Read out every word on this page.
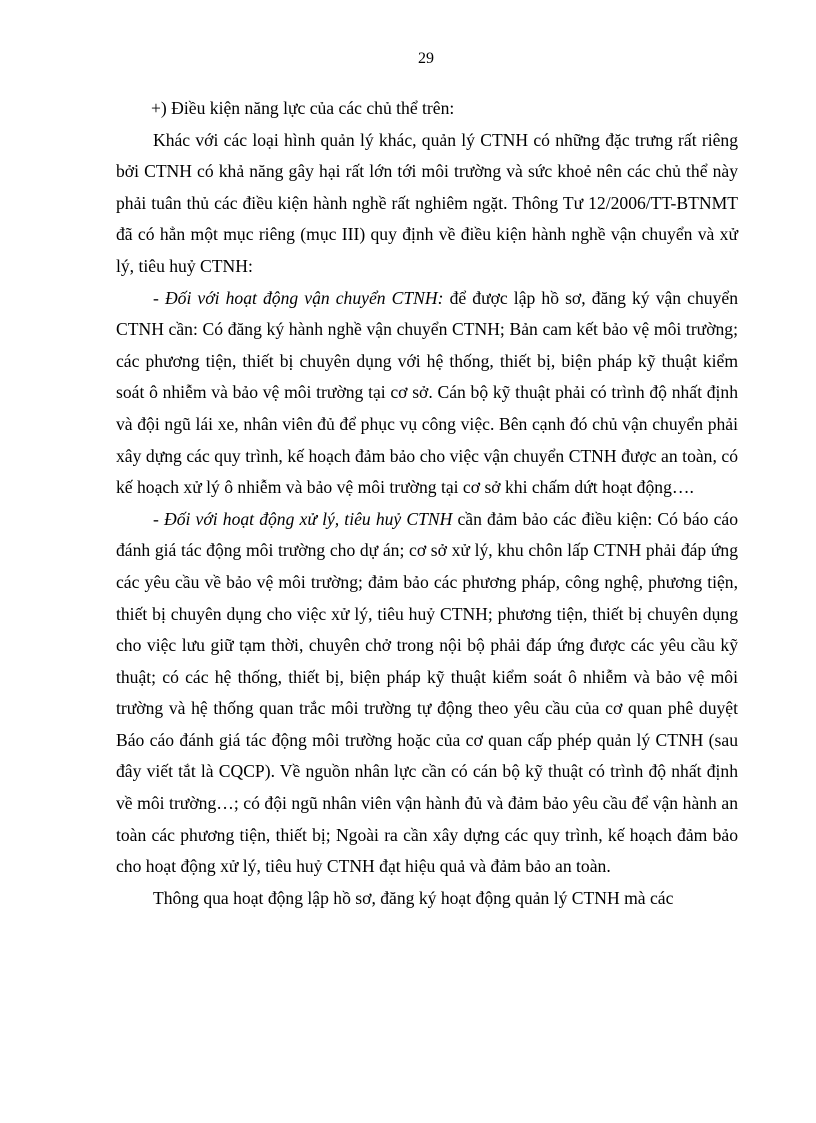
29

+) Điều kiện năng lực của các chủ thể trên:

Khác với các loại hình quản lý khác, quản lý CTNH có những đặc trưng rất riêng bởi CTNH có khả năng gây hại rất lớn tới môi trường và sức khoẻ nên các chủ thể này phải tuân thủ các điều kiện hành nghề rất nghiêm ngặt. Thông Tư 12/2006/TT-BTNMT đã có hẳn một mục riêng (mục III) quy định về điều kiện hành nghề vận chuyển và xử lý, tiêu huỷ CTNH:

- Đối với hoạt động vận chuyển CTNH: để được lập hồ sơ, đăng ký vận chuyển CTNH cần: Có đăng ký hành nghề vận chuyển CTNH; Bản cam kết bảo vệ môi trường; các phương tiện, thiết bị chuyên dụng với hệ thống, thiết bị, biện pháp kỹ thuật kiểm soát ô nhiễm và bảo vệ môi trường tại cơ sở. Cán bộ kỹ thuật phải có trình độ nhất định và đội ngũ lái xe, nhân viên đủ để phục vụ công việc. Bên cạnh đó chủ vận chuyển phải xây dựng các quy trình, kế hoạch đảm bảo cho việc vận chuyển CTNH được an toàn, có kế hoạch xử lý ô nhiễm và bảo vệ môi trường tại cơ sở khi chấm dứt hoạt động….

- Đối với hoạt động xử lý, tiêu huỷ CTNH cần đảm bảo các điều kiện: Có báo cáo đánh giá tác động môi trường cho dự án; cơ sở xử lý, khu chôn lấp CTNH phải đáp ứng các yêu cầu về bảo vệ môi trường; đảm bảo các phương pháp, công nghệ, phương tiện, thiết bị chuyên dụng cho việc xử lý, tiêu huỷ CTNH; phương tiện, thiết bị chuyên dụng cho việc lưu giữ tạm thời, chuyên chở trong nội bộ phải đáp ứng được các yêu cầu kỹ thuật; có các hệ thống, thiết bị, biện pháp kỹ thuật kiểm soát ô nhiễm và bảo vệ môi trường và hệ thống quan trắc môi trường tự động theo yêu cầu của cơ quan phê duyệt Báo cáo đánh giá tác động môi trường hoặc của cơ quan cấp phép quản lý CTNH (sau đây viết tắt là CQCP). Về nguồn nhân lực cần có cán bộ kỹ thuật có trình độ nhất định về môi trường…; có đội ngũ nhân viên vận hành đủ và đảm bảo yêu cầu để vận hành an toàn các phương tiện, thiết bị; Ngoài ra cần xây dựng các quy trình, kế hoạch đảm bảo cho hoạt động xử lý, tiêu huỷ CTNH đạt hiệu quả và đảm bảo an toàn.

Thông qua hoạt động lập hồ sơ, đăng ký hoạt động quản lý CTNH mà các
